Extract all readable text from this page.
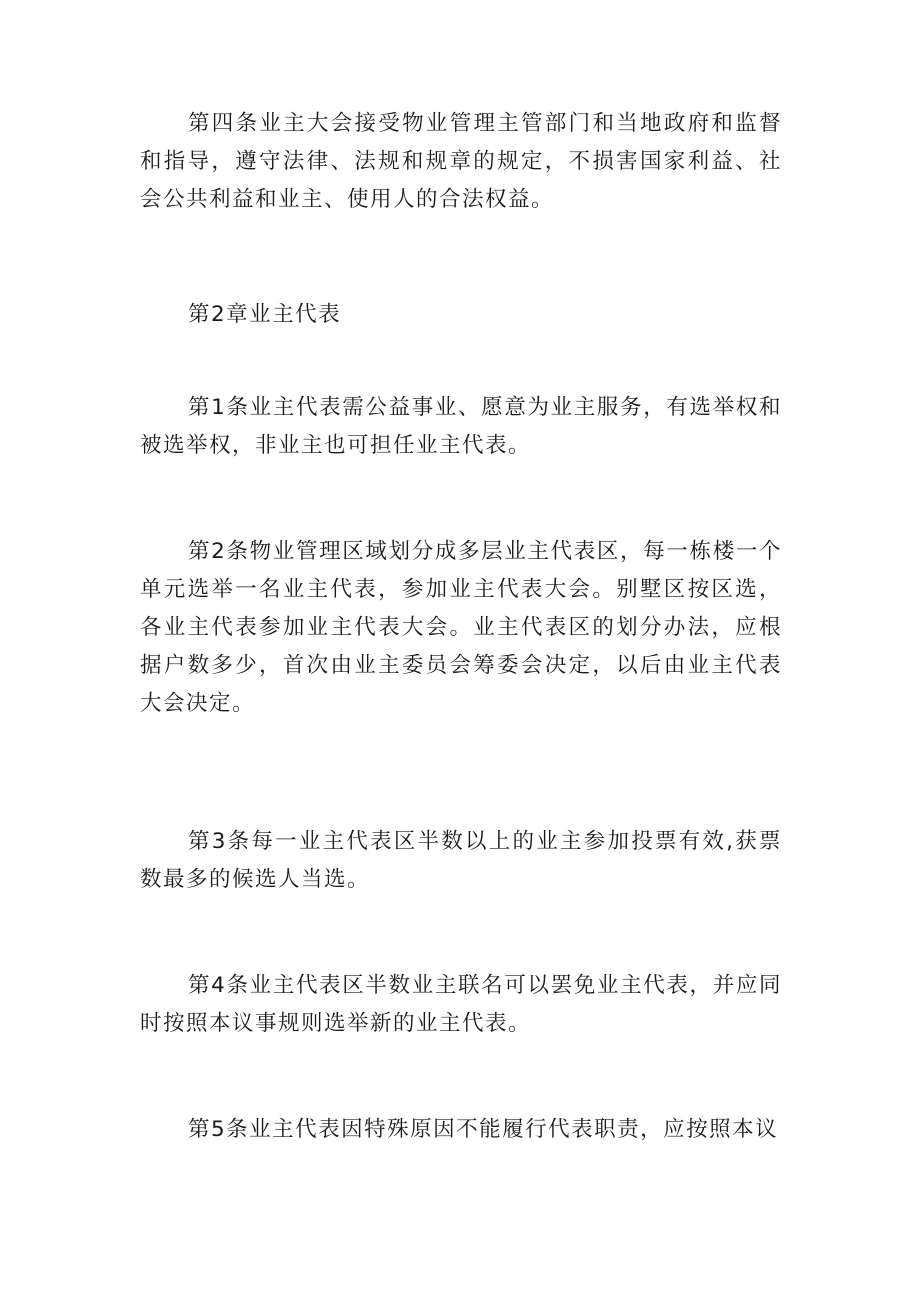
第四条业主大会接受物业管理主管部门和当地政府和监督和指导，遵守法律、法规和规章的规定，不损害国家利益、社会公共利益和业主、使用人的合法权益。

第2章业主代表

第1条业主代表需公益事业、愿意为业主服务，有选举权和被选举权，非业主也可担任业主代表。

第2条物业管理区域划分成多层业主代表区，每一栋楼一个单元选举一名业主代表，参加业主代表大会。别墅区按区选，各业主代表参加业主代表大会。业主代表区的划分办法，应根据户数多少，首次由业主委员会筹委会决定，以后由业主代表大会决定。

第3条每一业主代表区半数以上的业主参加投票有效,获票数最多的候选人当选。

第4条业主代表区半数业主联名可以罢免业主代表，并应同时按照本议事规则选举新的业主代表。

第5条业主代表因特殊原因不能履行代表职责，应按照本议
